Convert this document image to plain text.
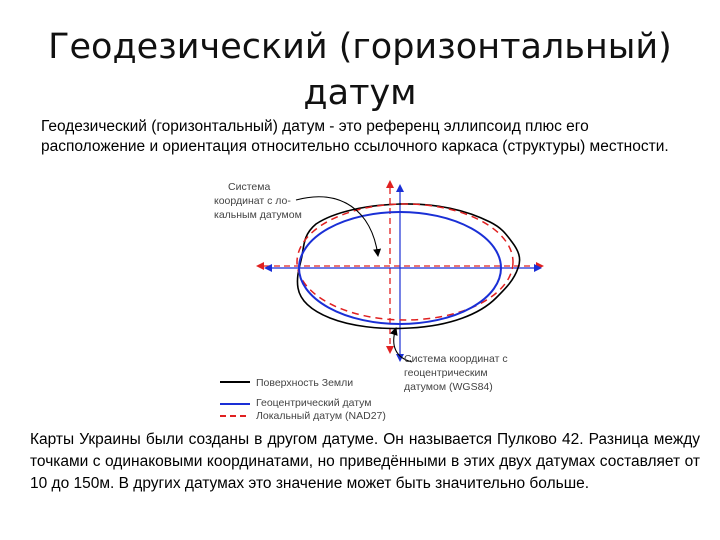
Геодезический (горизонтальный)
датум
Геодезический (горизонтальный) датум - это референц эллипсоид плюс его расположение и ориентация относительно ссылочного каркаса (структуры) местности.
Система координат с ло- кальным датумом
Система координат с геоцентрическим датумом (WGS84)
Поверхность Земли
Геоцентрический датум
Локальный датум (NAD27)
Карты Украины были созданы в другом датуме. Он называется Пулково 42. Разница между точками с одинаковыми координатами, но приведёнными в этих двух датумах составляет от 10 до 150м. В других датумах это значение может быть значительно больше.
